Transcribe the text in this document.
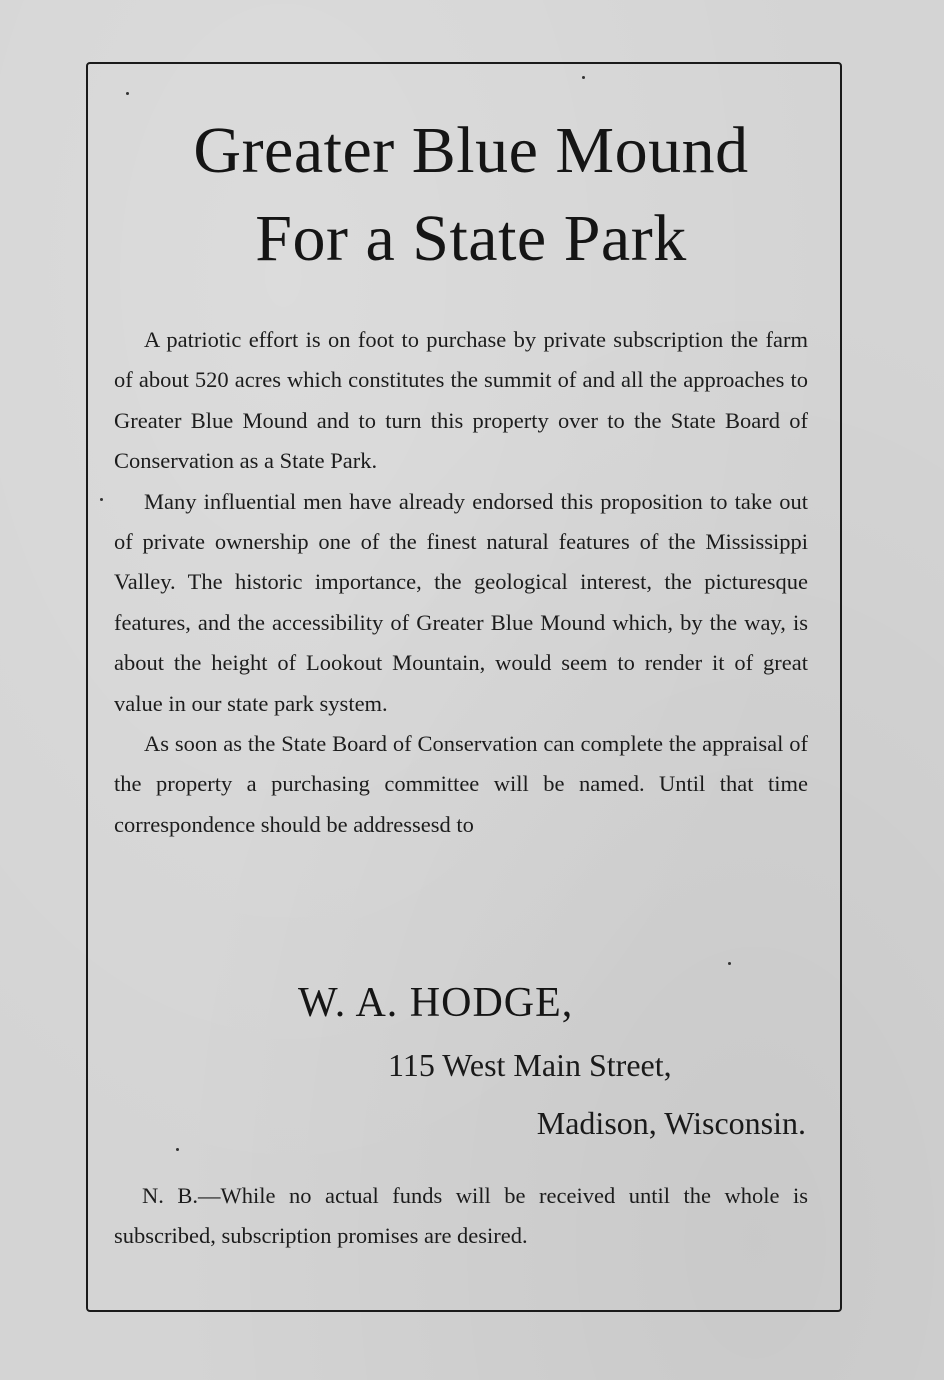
Greater Blue Mound
For a State Park

A patriotic effort is on foot to purchase by private subscription the farm of about 520 acres which constitutes the summit of and all the approaches to Greater Blue Mound and to turn this property over to the State Board of Conservation as a State Park.

Many influential men have already endorsed this proposition to take out of private ownership one of the finest natural features of the Mississippi Valley. The historic importance, the geological interest, the picturesque features, and the accessibility of Greater Blue Mound which, by the way, is about the height of Lookout Mountain, would seem to render it of great value in our state park system.

As soon as the State Board of Conservation can complete the appraisal of the property a purchasing committee will be named. Until that time correspondence should be addressesd to

W. A. HODGE,
115 West Main Street,
Madison, Wisconsin.

N. B.—While no actual funds will be received until the whole is subscribed, subscription promises are desired.
